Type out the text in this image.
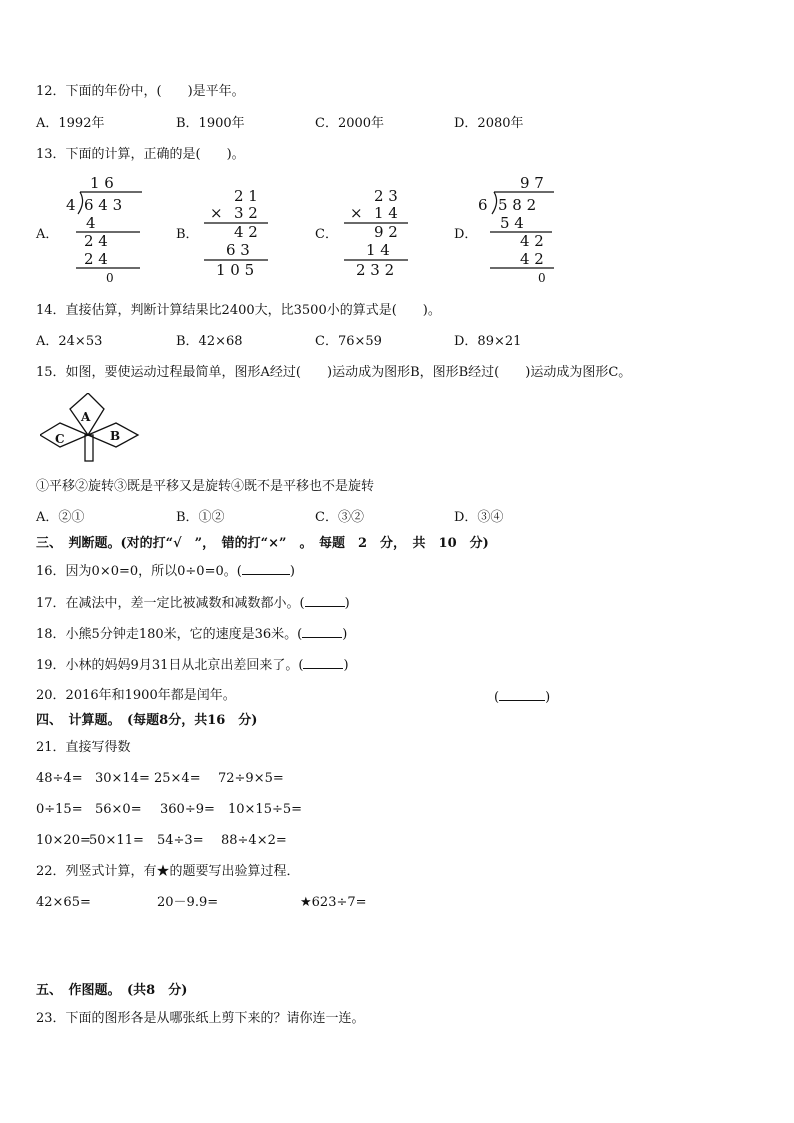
12．下面的年份中，(　　)是平年。
A．1992年	B．1900年	C．2000年	D．2080年
13．下面的计算，正确的是(　　)。
A．	B．	C．	D．
1 6
4 6 4 3
4
2 4
2 4
0
2 1
× 3 2
4 2
6 3
1 0 5
2 3
× 1 4
9 2
1 4
2 3 2
9 7
6 5 8 2
5 4
4 2
4 2
0
14．直接估算，判断计算结果比2400大，比3500小的算式是(　　)。
A．24×53	B．42×68	C．76×59	D．89×21
15．如图，要使运动过程最简单，图形A经过(　　)运动成为图形B，图形B经过(　　)运动成为图形C。
A
B
C
①平移②旋转③既是平移又是旋转④既不是平移也不是旋转
A．②①	B．①②	C．③②	D．③④
三、　判断题。(对的打“√　”，　错的打“×”　。　每题　2　分，　共　10　分)
16．因为0×0=0，所以0÷0=0。(	)
17．在减法中，差一定比被减数和减数都小。(	)
18．小熊5分钟走180米，它的速度是36米。(	)
19．小林的妈妈9月31日从北京出差回来了。(	)
20．2016年和1900年都是闰年。	(	)
四、　计算题。　(每题8分，共16　分)
21．直接写得数
48÷4= 30×14= 25×4= 72÷9×5=
0÷15= 56×0= 360÷9= 10×15÷5=
10×20=
50×11= 54÷3= 88÷4×2=
22．列竖式计算，有★的题要写出验算过程．
42×65=	20－9.9=	★623÷7=
五、　作图题。　(共8　分)
23．下面的图形各是从哪张纸上剪下来的？请你连一连。
